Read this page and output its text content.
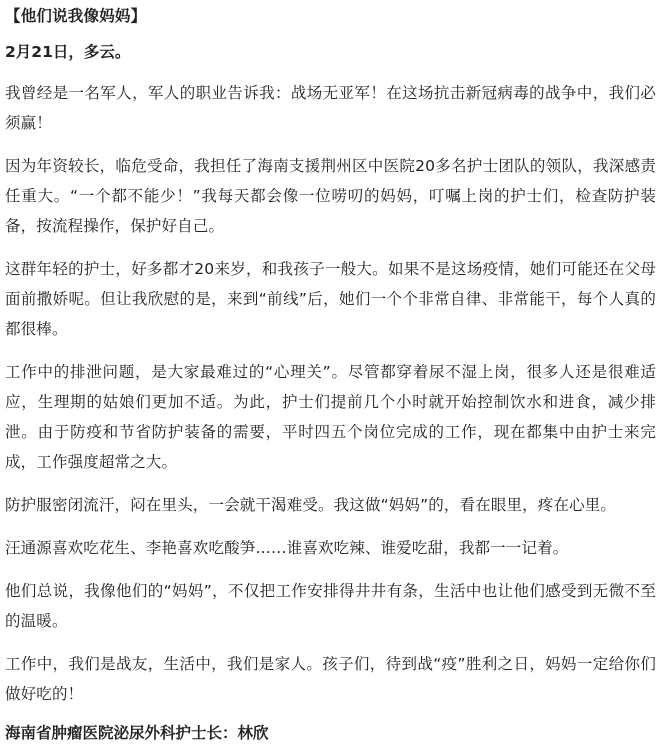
【他们说我像妈妈】
2月21日，多云。

我曾经是一名军人，军人的职业告诉我：战场无亚军！在这场抗击新冠病毒的战争中，我们必须赢！

因为年资较长，临危受命，我担任了海南支援荆州区中医院20多名护士团队的领队，我深感责任重大。“一个都不能少！”我每天都会像一位唠叨的妈妈，叮嘱上岗的护士们，检查防护装备，按流程操作，保护好自己。

这群年轻的护士，好多都才20来岁，和我孩子一般大。如果不是这场疫情，她们可能还在父母面前撒娇呢。但让我欣慰的是，来到“前线”后，她们一个个非常自律、非常能干，每个人真的都很棒。

工作中的排泄问题，是大家最难过的“心理关”。尽管都穿着尿不湿上岗，很多人还是很难适应，生理期的姑娘们更加不适。为此，护士们提前几个小时就开始控制饮水和进食，减少排泄。由于防疫和节省防护装备的需要，平时四五个岗位完成的工作，现在都集中由护士来完成，工作强度超常之大。

防护服密闭流汗，闷在里头，一会就干渴难受。我这做“妈妈”的，看在眼里，疼在心里。

汪通源喜欢吃花生、李艳喜欢吃酸笋……谁喜欢吃辣、谁爱吃甜，我都一一记着。

他们总说，我像他们的“妈妈”，不仅把工作安排得井井有条，生活中也让他们感受到无微不至的温暖。

工作中，我们是战友，生活中，我们是家人。孩子们，待到战“疫”胜利之日，妈妈一定给你们做好吃的！

海南省肿瘤医院泌尿外科护士长：林欣
